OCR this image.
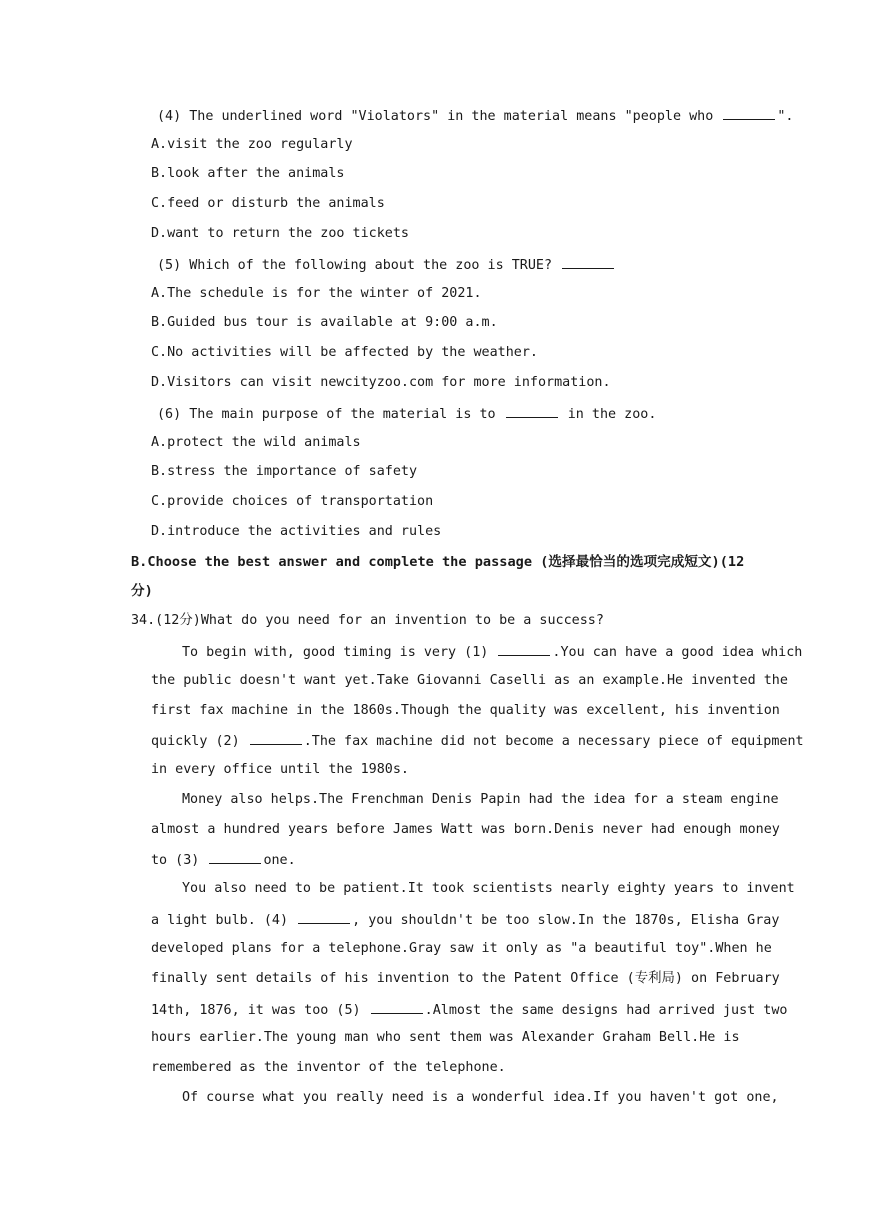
(4) The underlined word "Violators" in the material means "people who	".
A.visit the zoo regularly
B.look after the animals
C.feed or disturb the animals
D.want to return the zoo tickets
(5) Which of the following about the zoo is TRUE?
A.The schedule is for the winter of 2021.
B.Guided bus tour is available at 9:00 a.m.
C.No activities will be affected by the weather.
D.Visitors can visit newcityzoo.com for more information.
(6) The main purpose of the material is to	in the zoo.
A.protect the wild animals
B.stress the importance of safety
C.provide choices of transportation
D.introduce the activities and rules
B.Choose the best answer and complete the passage (选择最恰当的选项完成短文)(12
分)
34.(12分)What do you need for an invention to be a success?
To begin with, good timing is very (1)	.You can have a good idea which
the public doesn't want yet.Take Giovanni Caselli as an example.He invented the
first fax machine in the 1860s.Though the quality was excellent, his invention
quickly (2)	.The fax machine did not become a necessary piece of equipment
in every office until the 1980s.
Money also helps.The Frenchman Denis Papin had the idea for a steam engine
almost a hundred years before James Watt was born.Denis never had enough money
to (3)	one.
You also need to be patient.It took scientists nearly eighty years to invent
a light bulb. (4)	, you shouldn't be too slow.In the 1870s, Elisha Gray
developed plans for a telephone.Gray saw it only as "a beautiful toy".When he
finally sent details of his invention to the Patent Office (专利局) on February
14th, 1876, it was too (5)	.Almost the same designs had arrived just two
hours earlier.The young man who sent them was Alexander Graham Bell.He is
remembered as the inventor of the telephone.
Of course what you really need is a wonderful idea.If you haven't got one,
